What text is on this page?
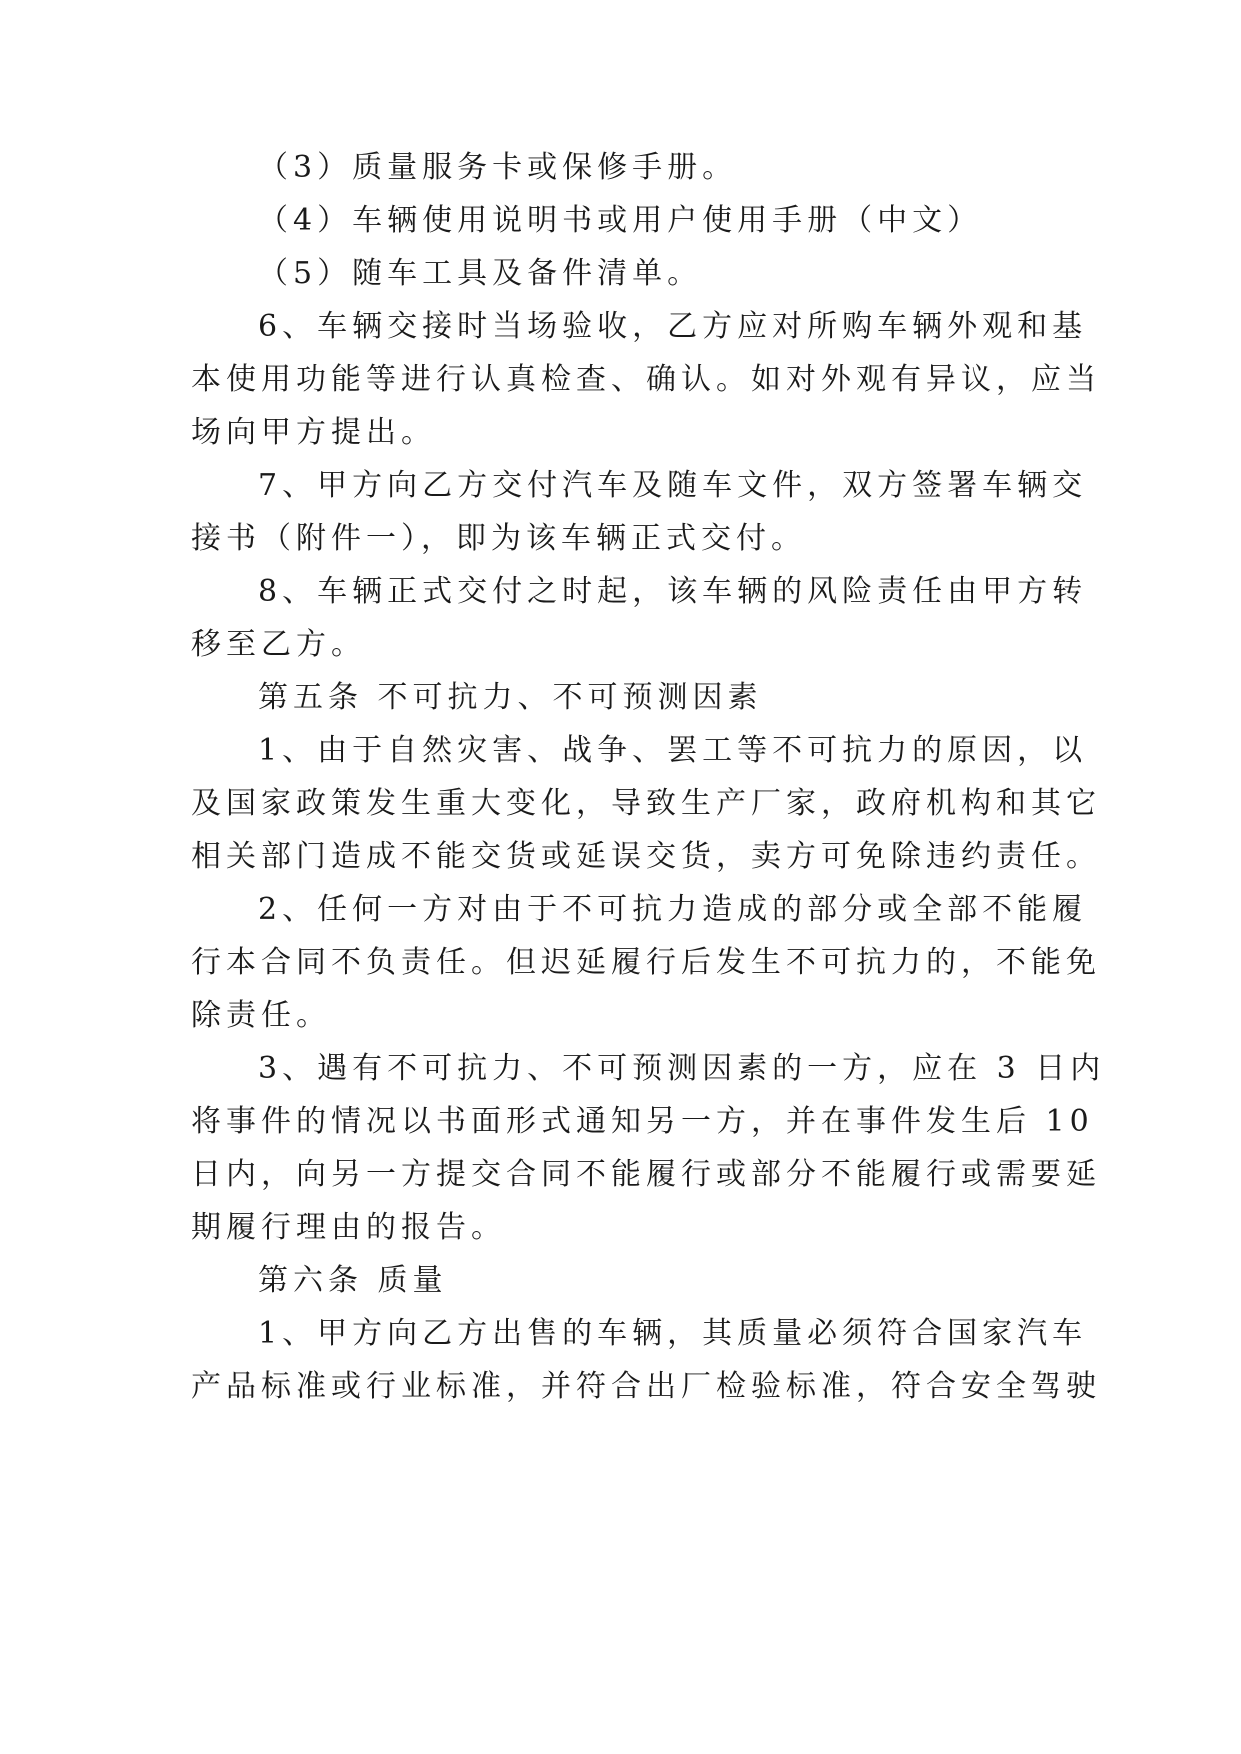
（3）质量服务卡或保修手册。
（4）车辆使用说明书或用户使用手册（中文）
（5）随车工具及备件清单。
6、车辆交接时当场验收，乙方应对所购车辆外观和基
本使用功能等进行认真检查、确认。如对外观有异议，应当
场向甲方提出。
7、甲方向乙方交付汽车及随车文件，双方签署车辆交
接书（附件一），即为该车辆正式交付。
8、车辆正式交付之时起，该车辆的风险责任由甲方转
移至乙方。
第五条 不可抗力、不可预测因素
1、由于自然灾害、战争、罢工等不可抗力的原因，以
及国家政策发生重大变化，导致生产厂家，政府机构和其它
相关部门造成不能交货或延误交货，卖方可免除违约责任。
2、任何一方对由于不可抗力造成的部分或全部不能履
行本合同不负责任。但迟延履行后发生不可抗力的，不能免
除责任。
3、遇有不可抗力、不可预测因素的一方，应在 3 日内
将事件的情况以书面形式通知另一方，并在事件发生后 10
日内，向另一方提交合同不能履行或部分不能履行或需要延
期履行理由的报告。
第六条 质量
1、甲方向乙方出售的车辆，其质量必须符合国家汽车
产品标准或行业标准，并符合出厂检验标准，符合安全驾驶
